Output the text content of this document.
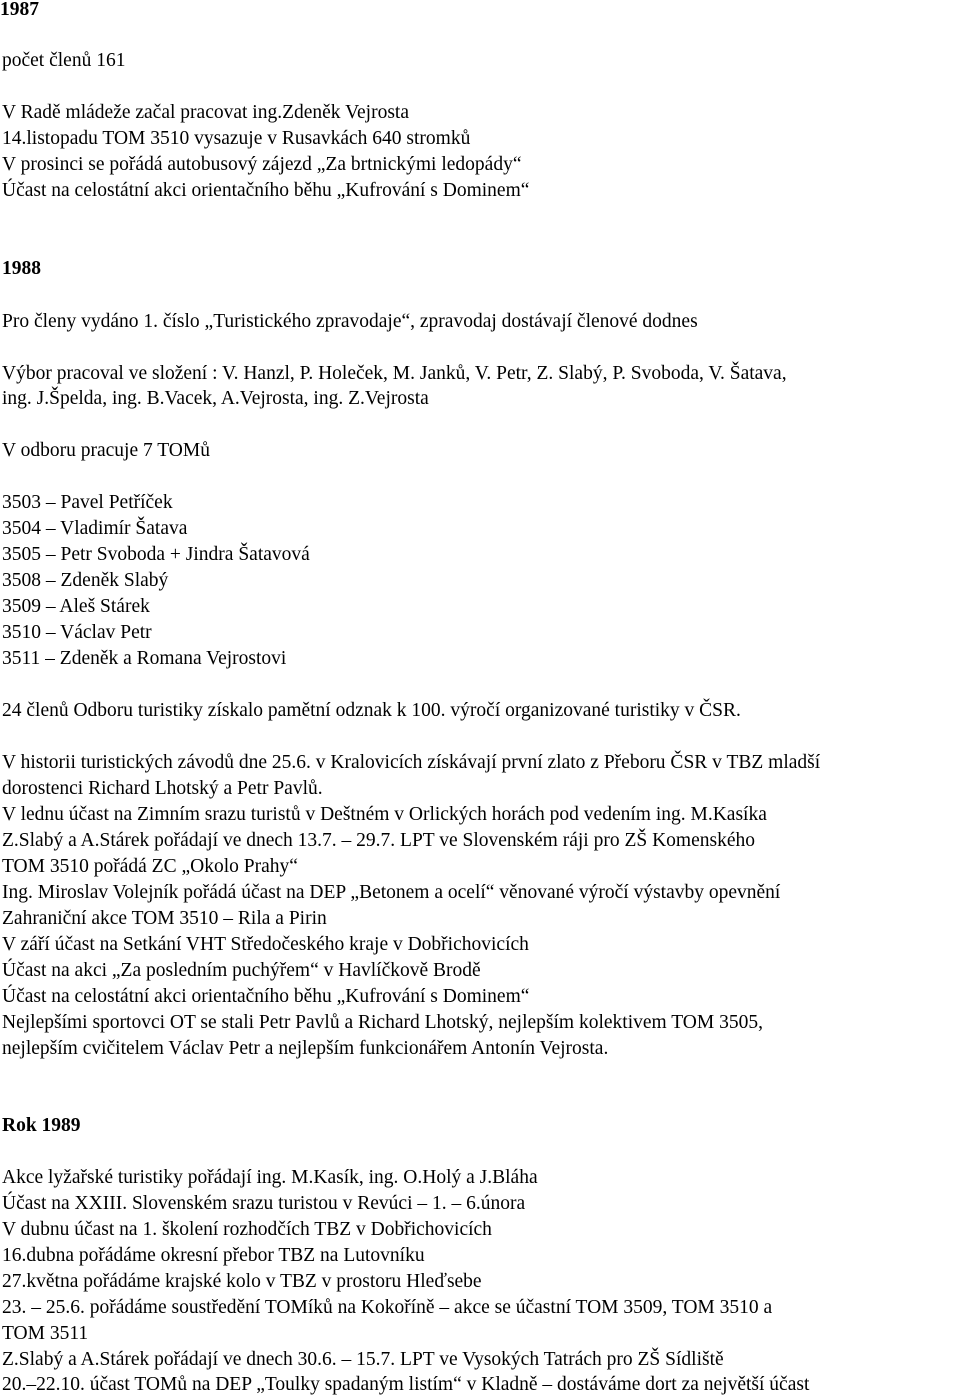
1987
počet členů 161
V Radě mládeže začal pracovat ing.Zdeněk Vejrosta
14.listopadu TOM 3510 vysazuje v Rusavkách 640 stromků
V prosinci se pořádá autobusový zájezd „Za brtnickými ledopády“
Účast na celostátní akci orientačního běhu „Kufrování s Dominem“
1988
Pro členy vydáno 1. číslo „Turistického zpravodaje“, zpravodaj dostávají členové dodnes
Výbor pracoval ve složení : V. Hanzl, P. Holeček, M. Janků, V. Petr, Z. Slabý, P. Svoboda, V. Šatava,
ing. J.Špelda, ing. B.Vacek, A.Vejrosta, ing. Z.Vejrosta
V odboru pracuje 7 TOMů
3503 – Pavel Petříček
3504 – Vladimír Šatava
3505 – Petr Svoboda + Jindra Šatavová
3508 – Zdeněk Slabý
3509 – Aleš Stárek
3510 – Václav Petr
3511 – Zdeněk a Romana Vejrostovi
24 členů Odboru turistiky získalo pamětní odznak k 100. výročí organizované turistiky v ČSR.
V historii turistických závodů dne 25.6. v Kralovicích získávají první zlato z Přeboru ČSR v TBZ mladší
dorostenci Richard Lhotský a Petr Pavlů.
V lednu účast na Zimním srazu turistů v Deštném v Orlických horách pod vedením ing. M.Kasíka
Z.Slabý a A.Stárek pořádají ve dnech 13.7. – 29.7. LPT ve Slovenském ráji pro ZŠ Komenského
TOM 3510 pořádá ZC „Okolo Prahy“
Ing. Miroslav Volejník pořádá účast na DEP „Betonem a ocelí“ věnované výročí výstavby opevnění
Zahraniční akce TOM 3510 – Rila a Pirin
V září účast na Setkání VHT Středočeského kraje v Dobřichovicích
Účast na akci „Za posledním puchýřem“ v Havlíčkově Brodě
Účast na celostátní akci orientačního běhu „Kufrování s Dominem“
Nejlepšími sportovci OT se stali Petr Pavlů a Richard Lhotský, nejlepším kolektivem TOM 3505,
nejlepším cvičitelem Václav Petr a nejlepším funkcionářem Antonín Vejrosta.
Rok 1989
Akce lyžařské turistiky pořádají ing. M.Kasík, ing. O.Holý a J.Bláha
Účast na XXIII. Slovenském srazu turistou v Revúci – 1. – 6.února
V dubnu účast na 1. školení rozhodčích TBZ v Dobřichovicích
16.dubna pořádáme okresní přebor TBZ na Lutovníku
27.května pořádáme krajské kolo v TBZ v prostoru Hleďsebe
23. – 25.6. pořádáme soustředění TOMíků na Kokoříně – akce se účastní TOM 3509, TOM 3510 a
TOM 3511
Z.Slabý a A.Stárek pořádají ve dnech 30.6. – 15.7. LPT ve Vysokých Tatrách pro ZŠ Sídliště
20.–22.10. účast TOMů na DEP „Toulky spadaným listím“ v Kladně – dostáváme dort za největší účast
